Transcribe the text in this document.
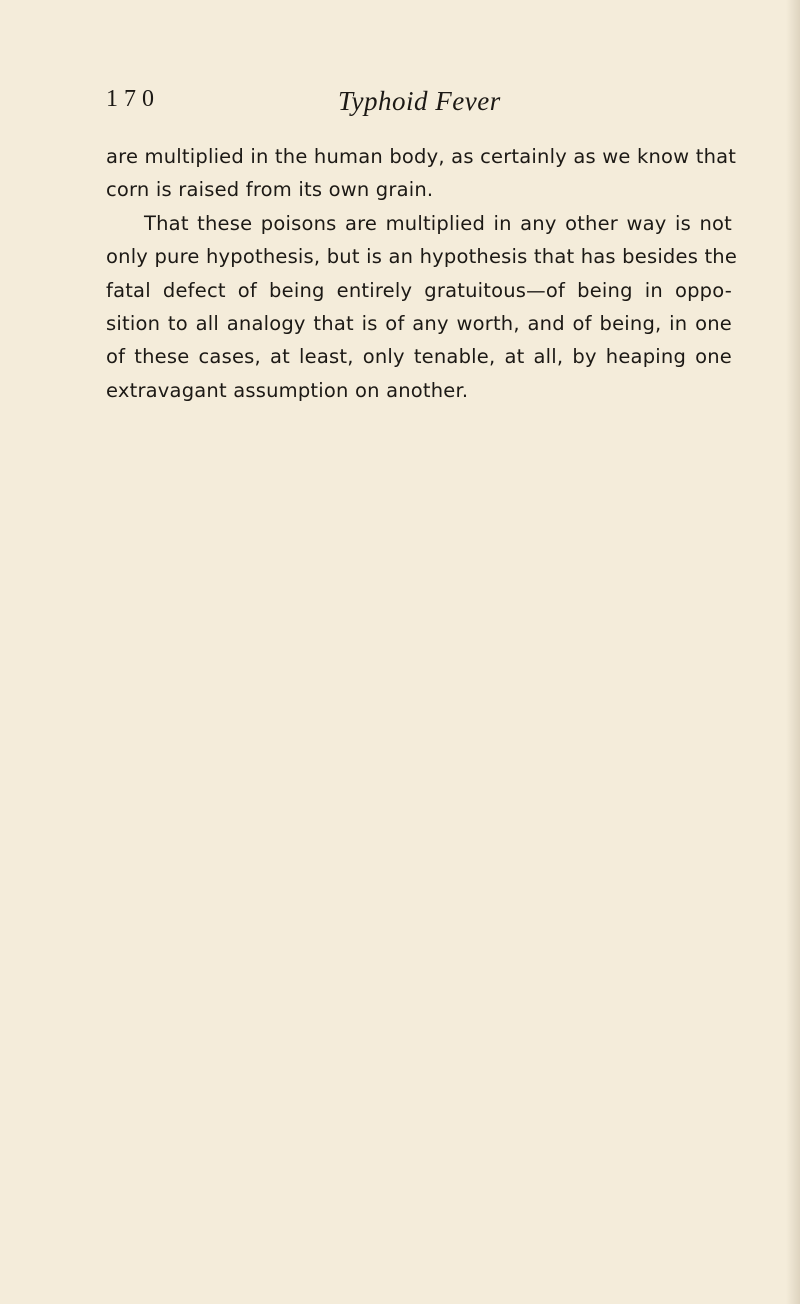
170	Typhoid Fever
are multiplied in the human body, as certainly as we know that
corn is raised from its own grain.
That these poisons are multiplied in any other way is not
only pure hypothesis, but is an hypothesis that has besides the
fatal defect of being entirely gratuitous—of being in oppo-
sition to all analogy that is of any worth, and of being, in one
of these cases, at least, only tenable, at all, by heaping one
extravagant assumption on another.
